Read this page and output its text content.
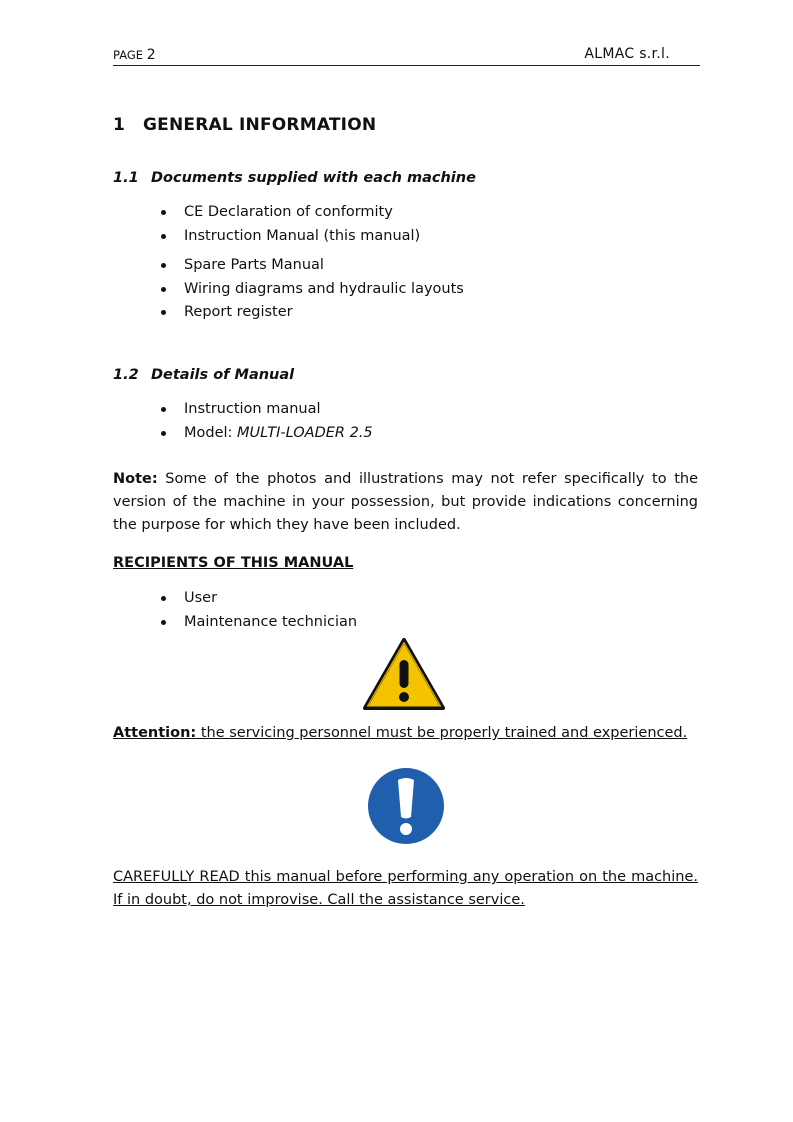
PAGE 2	ALMAC s.r.l.
1 GENERAL INFORMATION
1.1 Documents supplied with each machine
CE Declaration of conformity
Instruction Manual (this manual)
Spare Parts Manual
Wiring diagrams and hydraulic layouts
Report register
1.2 Details of Manual
Instruction manual
Model: MULTI-LOADER 2.5

Note: Some of the photos and illustrations may not refer specifically to the version of the machine in your possession, but provide indications concerning the purpose for which they have been included.

RECIPIENTS OF THIS MANUAL
User
Maintenance technician
Attention: the servicing personnel must be properly trained and experienced.

CAREFULLY READ this manual before performing any operation on the machine. If in doubt, do not improvise. Call the assistance service.
